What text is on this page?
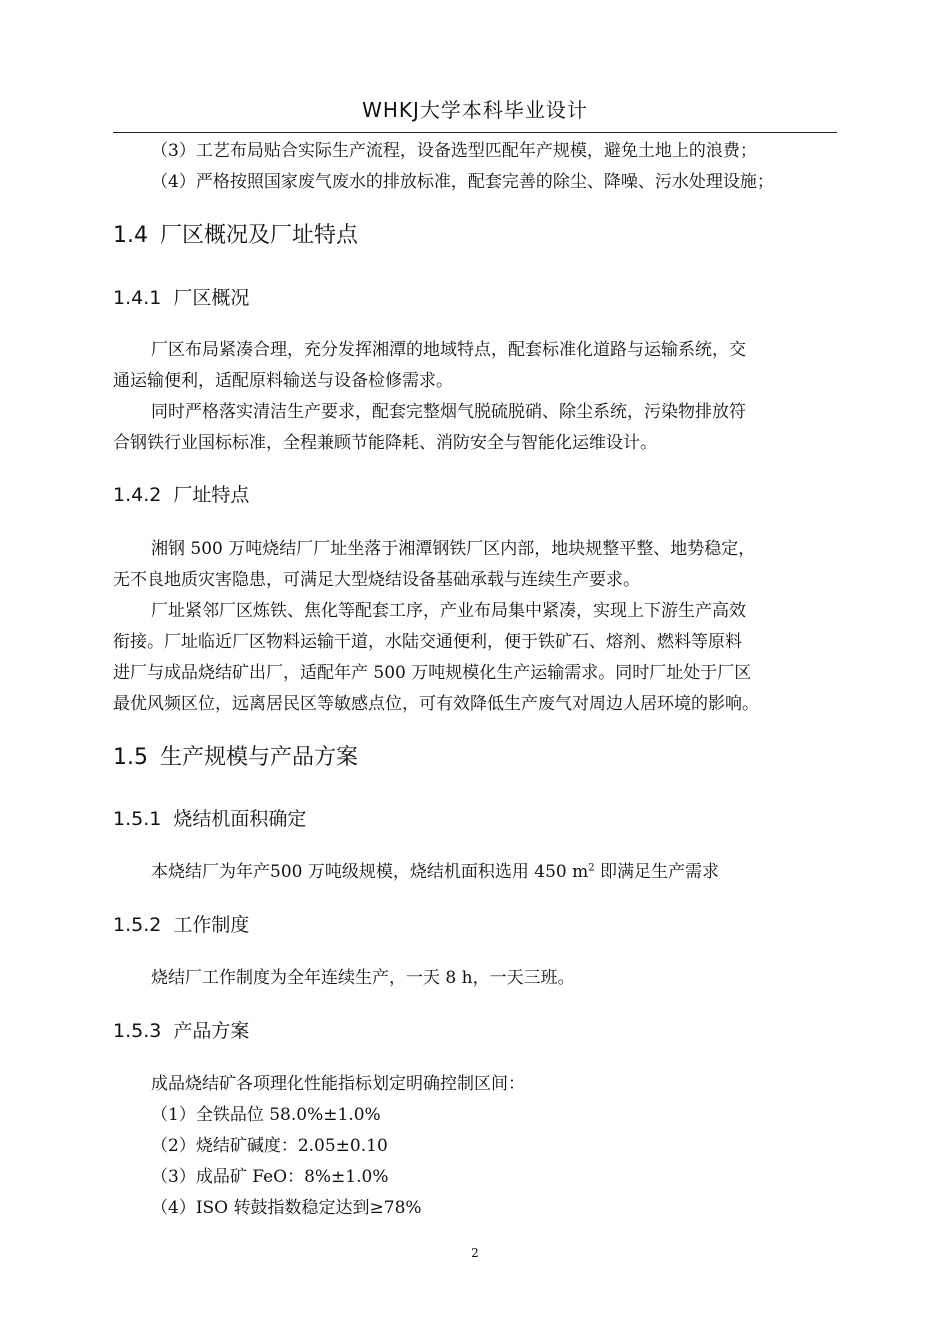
WHKJ大学本科毕业设计
（3）工艺布局贴合实际生产流程，设备选型匹配年产规模，避免土地上的浪费；
（4）严格按照国家废气废水的排放标准，配套完善的除尘、降噪、污水处理设施；
1.4 厂区概况及厂址特点
1.4.1 厂区概况
厂区布局紧凑合理，充分发挥湘潭的地域特点，配套标准化道路与运输系统，交
通运输便利，适配原料输送与设备检修需求。
同时严格落实清洁生产要求，配套完整烟气脱硫脱硝、除尘系统，污染物排放符
合钢铁行业国标标准，全程兼顾节能降耗、消防安全与智能化运维设计。
1.4.2 厂址特点
湘钢 500 万吨烧结厂厂址坐落于湘潭钢铁厂区内部，地块规整平整、地势稳定，
无不良地质灾害隐患，可满足大型烧结设备基础承载与连续生产要求。
厂址紧邻厂区炼铁、焦化等配套工序，产业布局集中紧凑，实现上下游生产高效
衔接。厂址临近厂区物料运输干道，水陆交通便利，便于铁矿石、熔剂、燃料等原料
进厂与成品烧结矿出厂，适配年产 500 万吨规模化生产运输需求。同时厂址处于厂区
最优风频区位，远离居民区等敏感点位，可有效降低生产废气对周边人居环境的影响。
1.5 生产规模与产品方案
1.5.1 烧结机面积确定
本烧结厂为年产500 万吨级规模，烧结机面积选用 450 $m^2$ 即满足生产需求
1.5.2 工作制度
烧结厂工作制度为全年连续生产，一天 8 h，一天三班。
1.5.3 产品方案
成品烧结矿各项理化性能指标划定明确控制区间：
（1）全铁品位 58.0%±1.0%
（2）烧结矿碱度：2.05±0.10
（3）成品矿 FeO：8%±1.0%
（4）ISO 转鼓指数稳定达到≥78%
2
